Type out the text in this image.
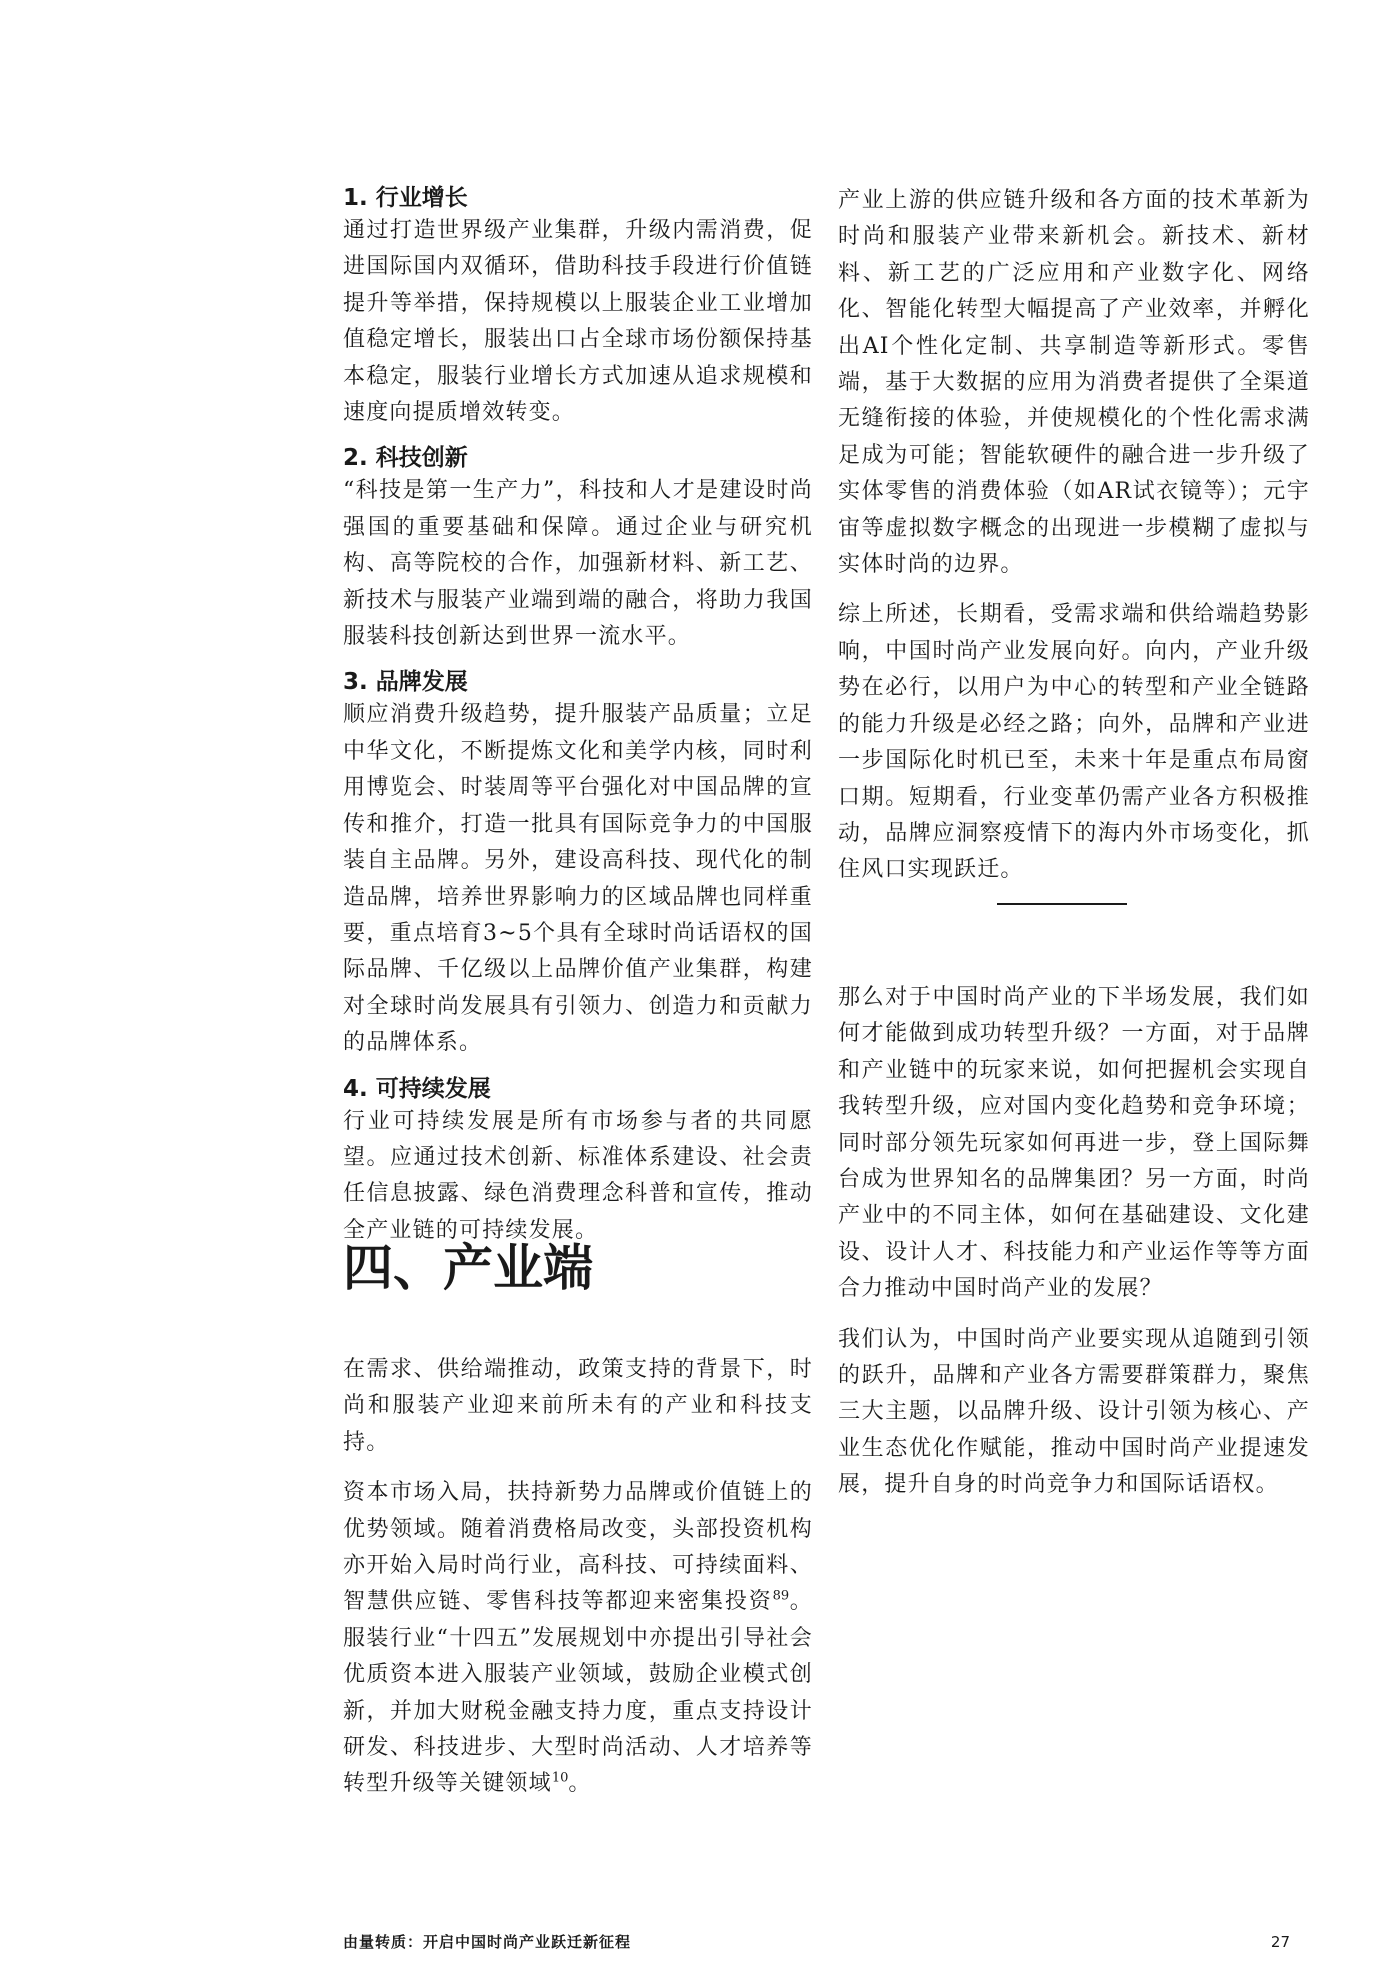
1. 行业增长

通过打造世界级产业集群，升级内需消费，促进国际国内双循环，借助科技手段进行价值链提升等举措，保持规模以上服装企业工业增加值稳定增长，服装出口占全球市场份额保持基本稳定，服装行业增长方式加速从追求规模和速度向提质增效转变。

2. 科技创新

“科技是第一生产力”，科技和人才是建设时尚强国的重要基础和保障。通过企业与研究机构、高等院校的合作，加强新材料、新工艺、新技术与服装产业端到端的融合，将助力我国服装科技创新达到世界一流水平。

3. 品牌发展

顺应消费升级趋势，提升服装产品质量；立足中华文化，不断提炼文化和美学内核，同时利用博览会、时装周等平台强化对中国品牌的宣传和推介，打造一批具有国际竞争力的中国服装自主品牌。另外，建设高科技、现代化的制造品牌，培养世界影响力的区域品牌也同样重要，重点培育3~5个具有全球时尚话语权的国际品牌、千亿级以上品牌价值产业集群，构建对全球时尚发展具有引领力、创造力和贡献力的品牌体系。

4. 可持续发展

行业可持续发展是所有市场参与者的共同愿望。应通过技术创新、标准体系建设、社会责任信息披露、绿色消费理念科普和宣传，推动全产业链的可持续发展。

四、产业端

在需求、供给端推动，政策支持的背景下，时尚和服装产业迎来前所未有的产业和科技支持。

资本市场入局，扶持新势力品牌或价值链上的优势领域。随着消费格局改变，头部投资机构亦开始入局时尚行业，高科技、可持续面料、智慧供应链、零售科技等都迎来密集投资$^{89}$。服装行业“十四五”发展规划中亦提出引导社会优质资本进入服装产业领域，鼓励企业模式创新，并加大财税金融支持力度，重点支持设计研发、科技进步、大型时尚活动、人才培养等转型升级等关键领域$^{10}$。

产业上游的供应链升级和各方面的技术革新为时尚和服装产业带来新机会。新技术、新材料、新工艺的广泛应用和产业数字化、网络化、智能化转型大幅提高了产业效率，并孵化出AI个性化定制、共享制造等新形式。零售端，基于大数据的应用为消费者提供了全渠道无缝衔接的体验，并使规模化的个性化需求满足成为可能；智能软硬件的融合进一步升级了实体零售的消费体验（如AR试衣镜等）；元宇宙等虚拟数字概念的出现进一步模糊了虚拟与实体时尚的边界。

综上所述，长期看，受需求端和供给端趋势影响，中国时尚产业发展向好。向内，产业升级势在必行，以用户为中心的转型和产业全链路的能力升级是必经之路；向外，品牌和产业进一步国际化时机已至，未来十年是重点布局窗口期。短期看，行业变革仍需产业各方积极推动，品牌应洞察疫情下的海内外市场变化，抓住风口实现跃迁。

那么对于中国时尚产业的下半场发展，我们如何才能做到成功转型升级？一方面，对于品牌和产业链中的玩家来说，如何把握机会实现自我转型升级，应对国内变化趋势和竞争环境；同时部分领先玩家如何再进一步，登上国际舞台成为世界知名的品牌集团？另一方面，时尚产业中的不同主体，如何在基础建设、文化建设、设计人才、科技能力和产业运作等等方面合力推动中国时尚产业的发展？

我们认为，中国时尚产业要实现从追随到引领的跃升，品牌和产业各方需要群策群力，聚焦三大主题，以品牌升级、设计引领为核心、产业生态优化作赋能，推动中国时尚产业提速发展，提升自身的时尚竞争力和国际话语权。

由量转质：开启中国时尚产业跃迁新征程	27
